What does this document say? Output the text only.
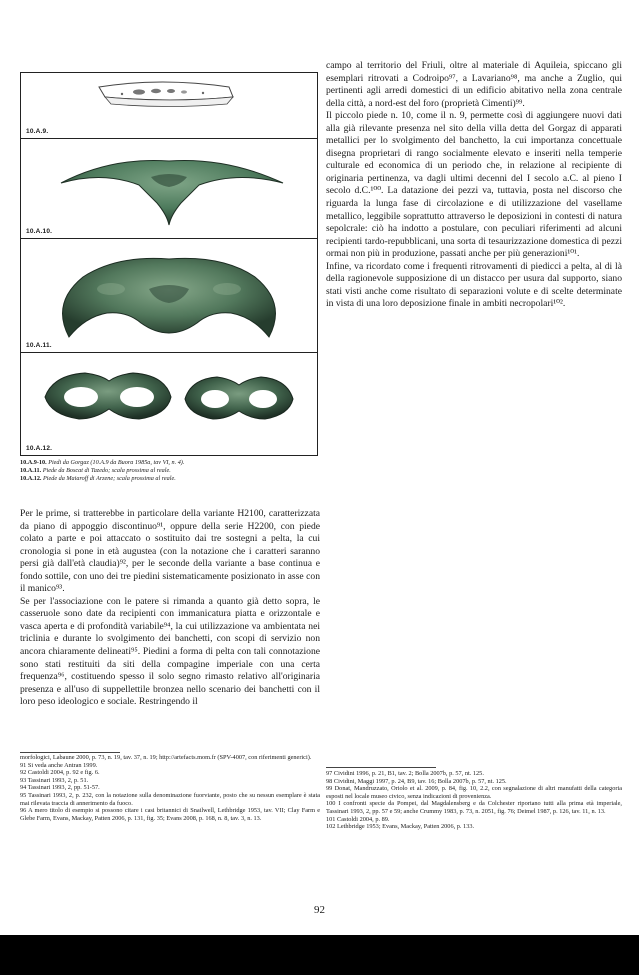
10.A.9.
10.A.10.
10.A.11.
10.A.12.
10.A.9-10. Piedi da Gorgaz (10.A.9 da Buora 1985a, tav VI, n. 4).
10.A.11. Piede da Boscat di Tazedo; scala prossima al reale.
10.A.12. Piede da Maiaroff di Arzene; scala prossima al reale.

campo al territorio del Friuli, oltre al materiale di Aquileia, spiccano gli esemplari ritrovati a Codroipo⁹⁷, a Lavariano⁹⁸, ma anche a Zuglio, qui pertinenti agli arredi domestici di un edificio abitativo nella zona centrale della città, a nord-est del foro (proprietà Cimenti)⁹⁹.

Il piccolo piede n. 10, come il n. 9, permette così di aggiungere nuovi dati alla già rilevante presenza nel sito della villa detta del Gorgaz di apparati metallici per lo svolgimento del banchetto, la cui importanza concettuale disegna proprietari di rango socialmente elevato e inseriti nella temperie culturale ed economica di un periodo che, in relazione al recipiente di originaria pertinenza, va dagli ultimi decenni del I secolo a.C. al pieno I secolo d.C.¹⁰⁰. La datazione dei pezzi va, tuttavia, posta nel discorso che riguarda la lunga fase di circolazione e di utilizzazione del vasellame metallico, leggibile soprattutto attraverso le deposizioni in contesti di natura sepolcrale: ciò ha indotto a postulare, con peculiari riferimenti ad alcuni recipienti tardo-repubblicani, una sorta di tesaurizzazione domestica di pezzi ormai non più in produzione, passati anche per più generazioni¹⁰¹.

Infine, va ricordato come i frequenti ritrovamenti di piedicci a pelta, al di là della ragionevole supposizione di un distacco per usura dal supporto, siano stati visti anche come risultato di separazioni volute e di scelte determinate in vista di una loro deposizione finale in ambiti necropolari¹⁰².

Per le prime, si tratterebbe in particolare della variante H2100, caratterizzata da piano di appoggio discontinuo⁹¹, oppure della serie H2200, con piede colato a parte e poi attaccato o sostituito dai tre sostegni a pelta, la cui cronologia si pone in età augustea (con la notazione che i caratteri saranno persi già dall'età claudia)⁹², per le seconde della variante a base continua e fondo sottile, con uno dei tre piedini sistematicamente posizionato in asse con il manico⁹³.

Se per l'associazione con le patere si rimanda a quanto già detto sopra, le casseruole sono date da recipienti con immanicatura piatta e orizzontale e vasca aperta e di profondità variabile⁹⁴, la cui utilizzazione va ambientata nei triclinia e durante lo svolgimento dei banchetti, con scopi di servizio non ancora chiaramente delineati⁹⁵. Piedini a forma di pelta con tali connotazione sono stati restituiti da siti della compagine imperiale con una certa frequenza⁹⁶, costituendo spesso il solo segno rimasto relativo all'originaria presenza e all'uso di suppellettile bronzea nello scenario dei banchetti con il loro peso ideologico e sociale. Restringendo il

morfologici, Labaune 2000, p. 73, n. 19, tav. 37, n. 19; http://artefacts.mom.fr (SPV-4007, con riferimenti generici).

91 Si veda anche Antran 1999.

92 Castoldi 2004, p. 92 e fig. 6.

93 Tassinari 1993, 2, p. 51.

94 Tassinari 1993, 2, pp. 51-57.

95 Tassinari 1993, 2, p. 232, con la notazione sulla denominazione fuorviante, posto che su nessun esemplare è stata mai rilevata traccia di annerimento da fuoco.

96 A mero titolo di esempio si possono citare i casi britannici di Snailwell, Lethbridge 1953, tav. VII; Clay Farm e Glebe Farm, Evans, Mackay, Patten 2006, p. 131, fig. 35; Evans 2008, p. 168, n. 8, tav. 3, n. 13.

97 Cividini 1996, p. 21, B1, tav. 2; Bolla 2007b, p. 57, nt. 125.

98 Cividini, Maggi 1997, p. 24, B9, tav. 16; Bolla 2007b, p. 57, nt. 125.

99 Donat, Mandruzzato, Oriolo et al. 2009, p. 84, fig. 10, 2.2, con segnalazione di altri manufatti della categoria esposti nel locale museo civico, senza indicazioni di provenienza.

100 I confronti specie da Pompei, dal Magdalensberg e da Colchester riportano tutti alla prima età imperiale, Tassinari 1993, 2, pp. 57 e 59; anche Crummy 1983, p. 73, n. 2051, fig. 76; Deimel 1987, p. 126, tav. 11, n. 13.

101 Castoldi 2004, p. 89.

102 Lethbridge 1953; Evans, Mackay, Patten 2006, p. 133.

92
